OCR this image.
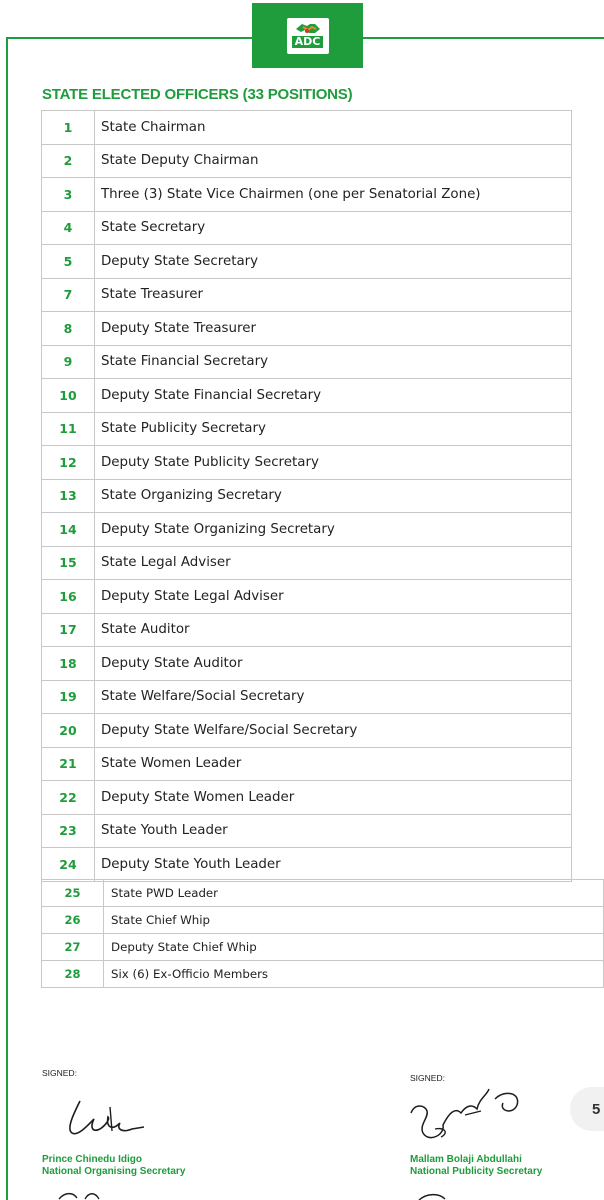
ADC
STATE ELECTED OFFICERS (33 POSITIONS)
1	State Chairman
2	State Deputy Chairman
3	Three (3) State Vice Chairmen (one per Senatorial Zone)
4	State Secretary
5	Deputy State Secretary
7	State Treasurer
8	Deputy State Treasurer
9	State Financial Secretary
10	Deputy State Financial Secretary
11	State Publicity Secretary
12	Deputy State Publicity Secretary
13	State Organizing Secretary
14	Deputy State Organizing Secretary
15	State Legal Adviser
16	Deputy State Legal Adviser
17	State Auditor
18	Deputy State Auditor
19	State Welfare/Social Secretary
20	Deputy State Welfare/Social Secretary
21	State Women Leader
22	Deputy State Women Leader
23	State Youth Leader
24	Deputy State Youth Leader
25	State PWD Leader
26	State Chief Whip
27	Deputy State Chief Whip
28	Six (6) Ex-Officio Members
SIGNED:
Prince Chinedu Idigo
National Organising Secretary
SIGNED:
Mallam Bolaji Abdullahi
National Publicity Secretary
5
